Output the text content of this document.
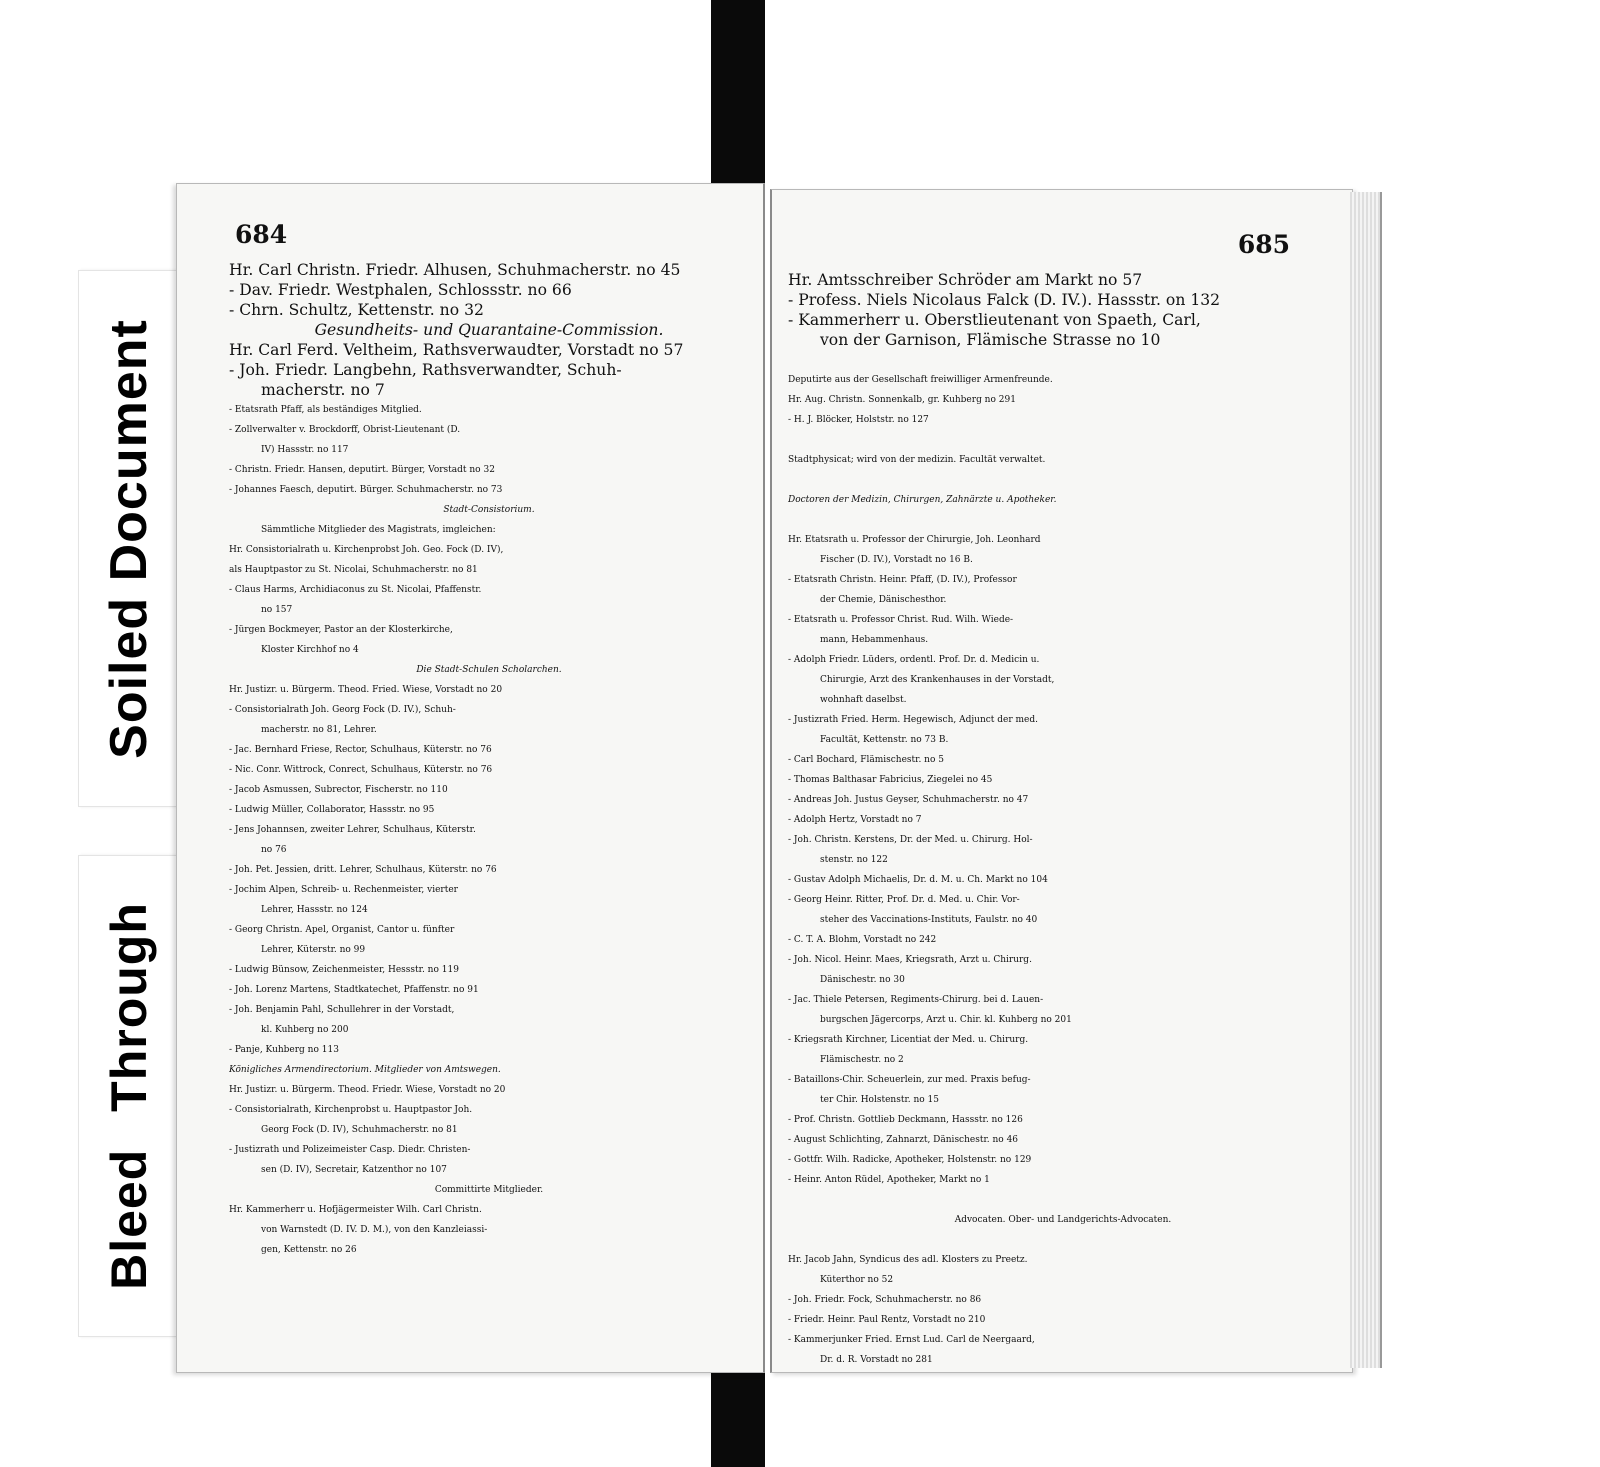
Soiled Document
Bleed Through
684
Hr. Carl Christn. Friedr. Alhusen, Schuhmacherstr. no 45
- Dav. Friedr. Westphalen, Schlossstr. no 66
- Chrn. Schultz, Kettenstr. no 32
Gesundheits- und Quarantaine-Commission.
Hr. Carl Ferd. Veltheim, Rathsverwaudter, Vorstadt no 57
- Joh. Friedr. Langbehn, Rathsverwandter, Schuh-
macherstr. no 7
- Etatsrath Pfaff, als beständiges Mitglied.
- Zollverwalter v. Brockdorff, Obrist-Lieutenant (D.
IV) Hassstr. no 117
- Christn. Friedr. Hansen, deputirt. Bürger, Vorstadt no 32
- Johannes Faesch, deputirt. Bürger. Schuhmacherstr. no 73
Stadt-Consistorium.
Sämmtliche Mitglieder des Magistrats, imgleichen:
Hr. Consistorialrath u. Kirchenprobst Joh. Geo. Fock (D. IV),
als Hauptpastor zu St. Nicolai, Schuhmacherstr. no 81
- Claus Harms, Archidiaconus zu St. Nicolai, Pfaffenstr.
no 157
- Jürgen Bockmeyer, Pastor an der Klosterkirche,
Kloster Kirchhof no 4
Die Stadt-Schulen Scholarchen.
Hr. Justizr. u. Bürgerm. Theod. Fried. Wiese, Vorstadt no 20
- Consistorialrath Joh. Georg Fock (D. IV.), Schuh-
macherstr. no 81, Lehrer.
- Jac. Bernhard Friese, Rector, Schulhaus, Küterstr. no 76
- Nic. Conr. Wittrock, Conrect, Schulhaus, Küterstr. no 76
- Jacob Asmussen, Subrector, Fischerstr. no 110
- Ludwig Müller, Collaborator, Hassstr. no 95
- Jens Johannsen, zweiter Lehrer, Schulhaus, Küterstr.
no 76
- Joh. Pet. Jessien, dritt. Lehrer, Schulhaus, Küterstr. no 76
- Jochim Alpen, Schreib- u. Rechenmeister, vierter
Lehrer, Hassstr. no 124
- Georg Christn. Apel, Organist, Cantor u. fünfter
Lehrer, Küterstr. no 99
- Ludwig Bünsow, Zeichenmeister, Hessstr. no 119
- Joh. Lorenz Martens, Stadtkatechet, Pfaffenstr. no 91
- Joh. Benjamin Pahl, Schullehrer in der Vorstadt,
kl. Kuhberg no 200
- Panje, Kuhberg no 113
Königliches Armendirectorium. Mitglieder von Amtswegen.
Hr. Justizr. u. Bürgerm. Theod. Friedr. Wiese, Vorstadt no 20
- Consistorialrath, Kirchenprobst u. Hauptpastor Joh.
Georg Fock (D. IV), Schuhmacherstr. no 81
- Justizrath und Polizeimeister Casp. Diedr. Christen-
sen (D. IV), Secretair, Katzenthor no 107
Committirte Mitglieder.
Hr. Kammerherr u. Hofjägermeister Wilh. Carl Christn.
von Warnstedt (D. IV. D. M.), von den Kanzleiassi-
gen, Kettenstr. no 26
685
Hr. Amtsschreiber Schröder am Markt no 57
- Profess. Niels Nicolaus Falck (D. IV.). Hassstr. on 132
- Kammerherr u. Oberstlieutenant von Spaeth, Carl,
von der Garnison, Flämische Strasse no 10
Deputirte aus der Gesellschaft freiwilliger Armenfreunde.
Hr. Aug. Christn. Sonnenkalb, gr. Kuhberg no 291
- H. J. Blöcker, Holststr. no 127
Stadtphysicat; wird von der medizin. Facultät verwaltet.
Doctoren der Medizin, Chirurgen, Zahnärzte u. Apotheker.
Hr. Etatsrath u. Professor der Chirurgie, Joh. Leonhard
Fischer (D. IV.), Vorstadt no 16 B.
- Etatsrath Christn. Heinr. Pfaff, (D. IV.), Professor
der Chemie, Dänischesthor.
- Etatsrath u. Professor Christ. Rud. Wilh. Wiede-
mann, Hebammenhaus.
- Adolph Friedr. Lüders, ordentl. Prof. Dr. d. Medicin u.
Chirurgie, Arzt des Krankenhauses in der Vorstadt,
wohnhaft daselbst.
- Justizrath Fried. Herm. Hegewisch, Adjunct der med.
Facultät, Kettenstr. no 73 B.
- Carl Bochard, Flämischestr. no 5
- Thomas Balthasar Fabricius, Ziegelei no 45
- Andreas Joh. Justus Geyser, Schuhmacherstr. no 47
- Adolph Hertz, Vorstadt no 7
- Joh. Christn. Kerstens, Dr. der Med. u. Chirurg. Hol-
stenstr. no 122
- Gustav Adolph Michaelis, Dr. d. M. u. Ch. Markt no 104
- Georg Heinr. Ritter, Prof. Dr. d. Med. u. Chir. Vor-
steher des Vaccinations-Instituts, Faulstr. no 40
- C. T. A. Blohm, Vorstadt no 242
- Joh. Nicol. Heinr. Maes, Kriegsrath, Arzt u. Chirurg.
Dänischestr. no 30
- Jac. Thiele Petersen, Regiments-Chirurg. bei d. Lauen-
burgschen Jägercorps, Arzt u. Chir. kl. Kuhberg no 201
- Kriegsrath Kirchner, Licentiat der Med. u. Chirurg.
Flämischestr. no 2
- Bataillons-Chir. Scheuerlein, zur med. Praxis befug-
ter Chir. Holstenstr. no 15
- Prof. Christn. Gottlieb Deckmann, Hassstr. no 126
- August Schlichting, Zahnarzt, Dänischestr. no 46
- Gottfr. Wilh. Radicke, Apotheker, Holstenstr. no 129
- Heinr. Anton Rüdel, Apotheker, Markt no 1
Advocaten. Ober- und Landgerichts-Advocaten.
Hr. Jacob Jahn, Syndicus des adl. Klosters zu Preetz.
Küterthor no 52
- Joh. Friedr. Fock, Schuhmacherstr. no 86
- Friedr. Heinr. Paul Rentz, Vorstadt no 210
- Kammerjunker Fried. Ernst Lud. Carl de Neergaard,
Dr. d. R. Vorstadt no 281
